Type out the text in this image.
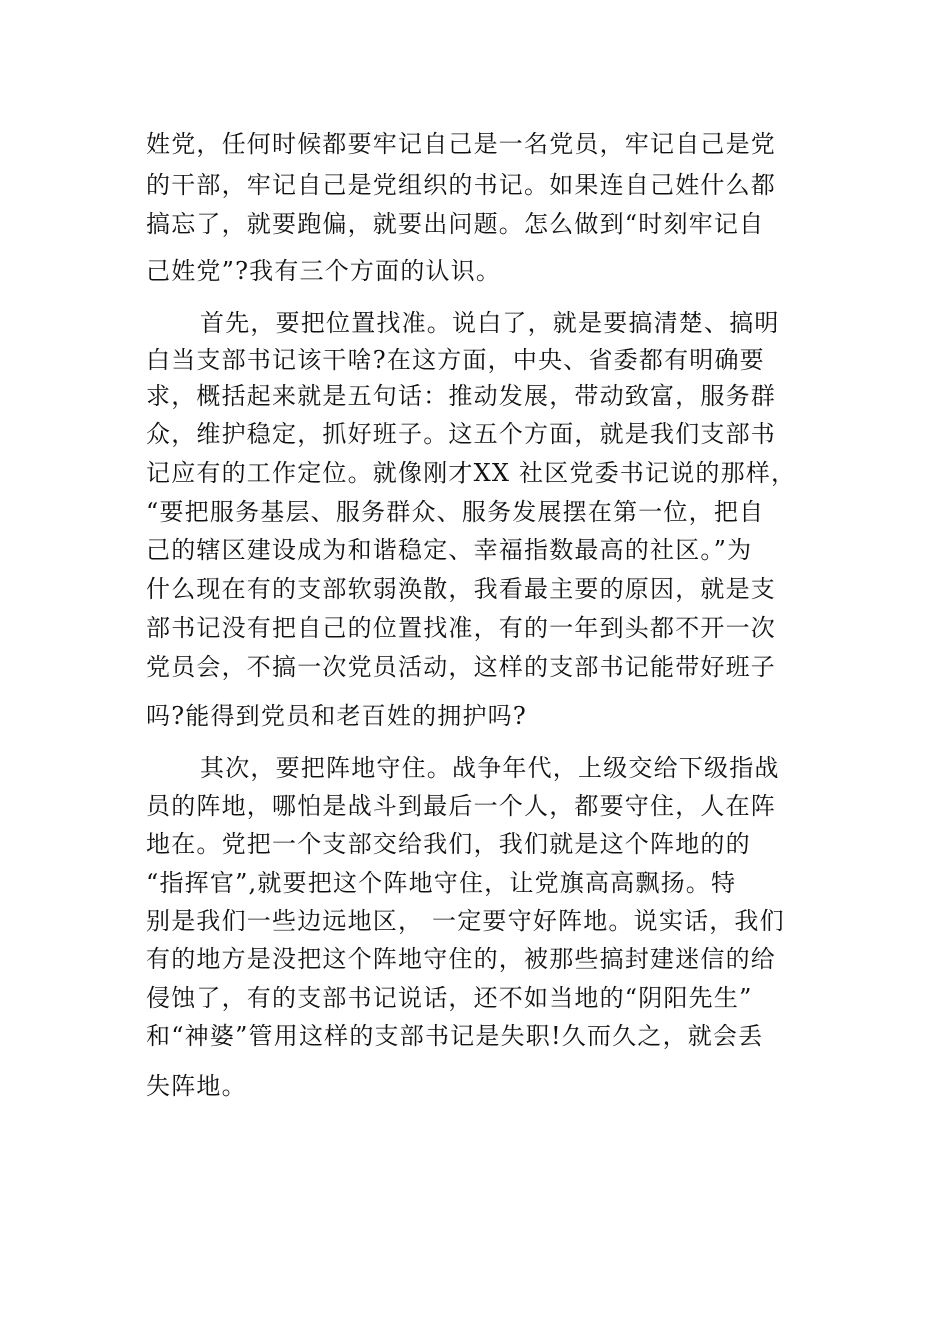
姓党，任何时候都要牢记自己是一名党员，牢记自己是党

的干部，牢记自己是党组织的书记。如果连自己姓什么都

搞忘了，就要跑偏，就要出问题。怎么做到“时刻牢记自

己姓党”?我有三个方面的认识。

首先，要把位置找准。说白了，就是要搞清楚、搞明

白当支部书记该干啥?在这方面，中央、省委都有明确要

求，概括起来就是五句话：推动发展，带动致富，服务群

众，维护稳定，抓好班子。这五个方面，就是我们支部书

记应有的工作定位。就像刚才XX 社区党委书记说的那样，

“要把服务基层、服务群众、服务发展摆在第一位，把自

己的辖区建设成为和谐稳定、幸福指数最高的社区。”为

什么现在有的支部软弱涣散，我看最主要的原因，就是支

部书记没有把自己的位置找准，有的一年到头都不开一次

党员会，不搞一次党员活动，这样的支部书记能带好班子

吗?能得到党员和老百姓的拥护吗?

其次，要把阵地守住。战争年代，上级交给下级指战

员的阵地，哪怕是战斗到最后一个人，都要守住，人在阵

地在。党把一个支部交给我们，我们就是这个阵地的的

“指挥官”,就要把这个阵地守住，让党旗高高飘扬。特

别是我们一些边远地区， 一定要守好阵地。说实话，我们

有的地方是没把这个阵地守住的，被那些搞封建迷信的给

侵蚀了，有的支部书记说话，还不如当地的“阴阳先生”

和“神婆”管用这样的支部书记是失职!久而久之，就会丢

失阵地。
